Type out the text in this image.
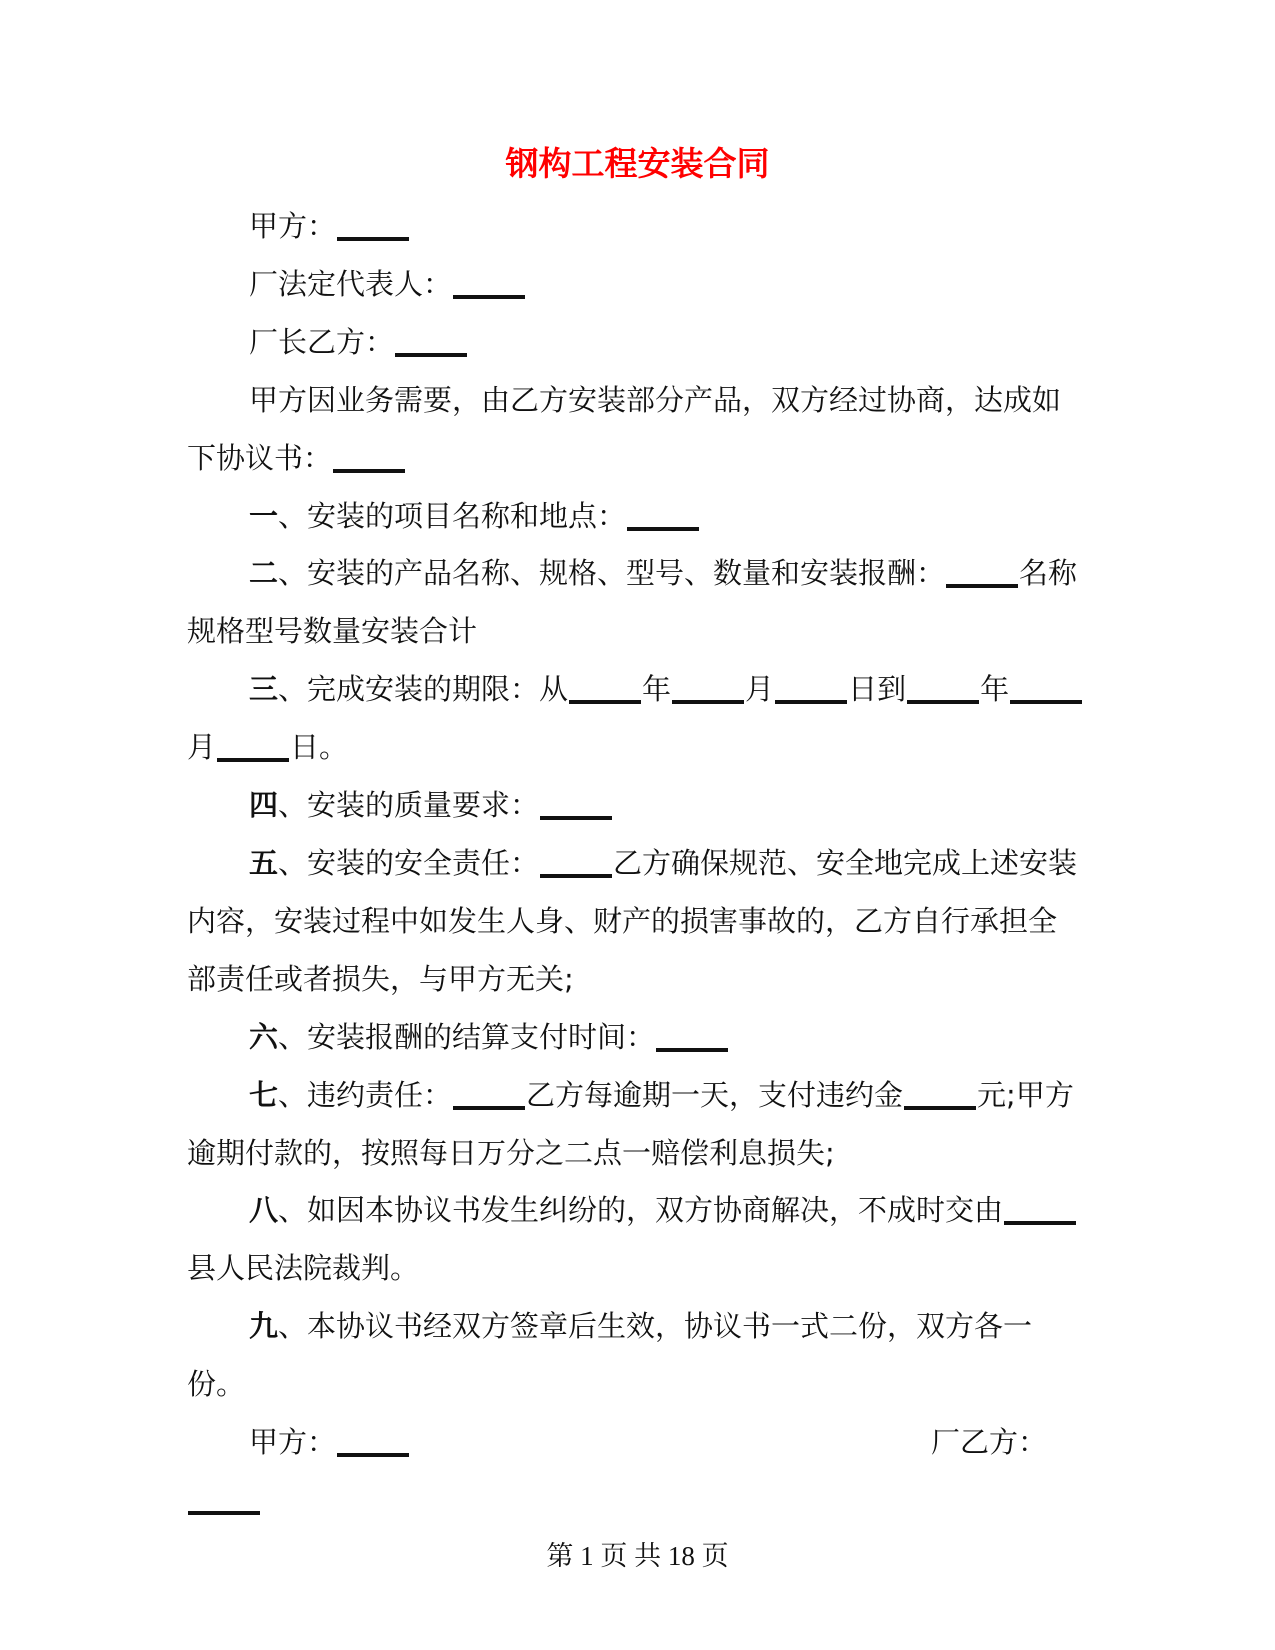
钢构工程安装合同

甲方：

厂法定代表人：

厂长乙方：

甲方因业务需要，由乙方安装部分产品，双方经过协商，达成如
下协议书：

一、安装的项目名称和地点：

二、安装的产品名称、规格、型号、数量和安装报酬：	名称
规格型号数量安装合计

三、完成安装的期限：从	年	月	日到	年
月	日。

四、安装的质量要求：

五、安装的安全责任：	乙方确保规范、安全地完成上述安装
内容，安装过程中如发生人身、财产的损害事故的，乙方自行承担全
部责任或者损失，与甲方无关;

六、安装报酬的结算支付时间：

七、违约责任：	乙方每逾期一天，支付违约金	元;甲方
逾期付款的，按照每日万分之二点一赔偿利息损失;

八、如因本协议书发生纠纷的，双方协商解决，不成时交由
县人民法院裁判。

九、本协议书经双方签章后生效，协议书一式二份，双方各一份。

甲方：	厂乙方：

第 1 页 共 18 页
